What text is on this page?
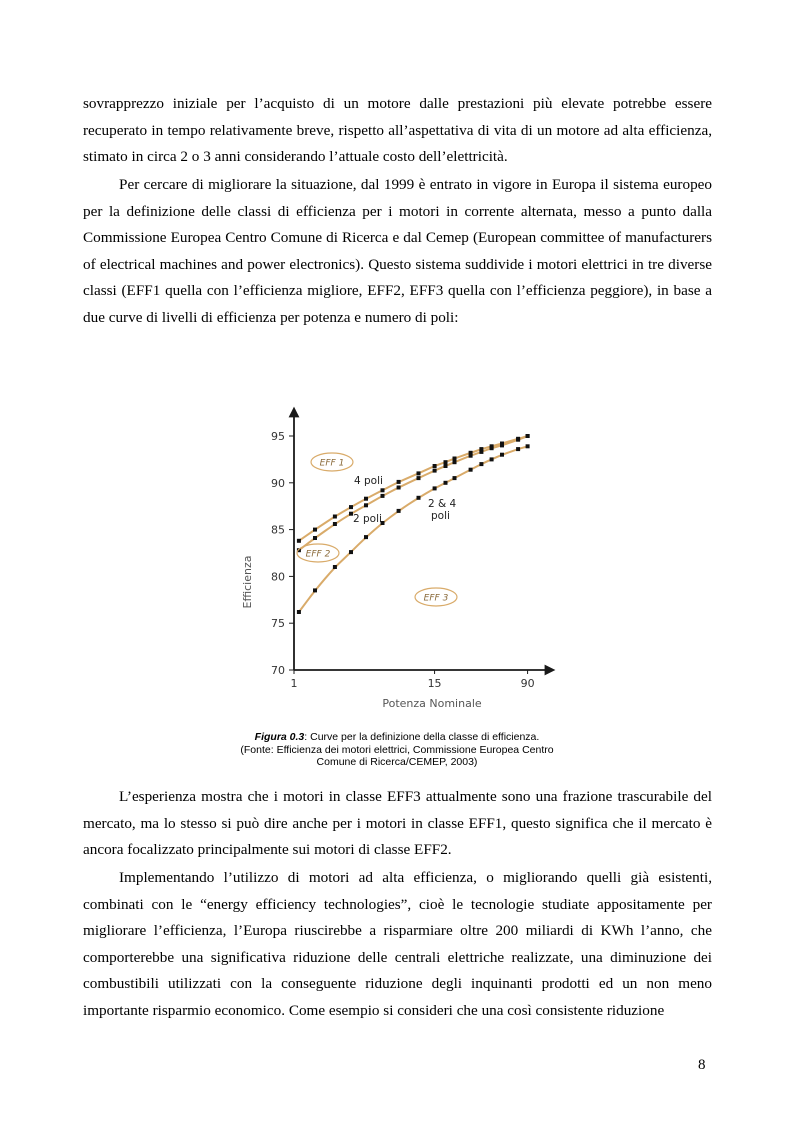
sovrapprezzo iniziale per l’acquisto di un motore dalle prestazioni più elevate potrebbe essere recuperato in tempo relativamente breve, rispetto all’aspettativa di vita di un motore ad alta efficienza, stimato in circa 2 o 3 anni considerando l’attuale costo dell’elettricità.

Per cercare di migliorare la situazione, dal 1999 è entrato in vigore in Europa il sistema europeo per la definizione delle classi di efficienza per i motori in corrente alternata, messo a punto dalla Commissione Europea Centro Comune di Ricerca e dal Cemep (European committee of manufacturers of electrical machines and power electronics). Questo sistema suddivide i motori elettrici in tre diverse classi (EFF1 quella con l’efficienza migliore, EFF2, EFF3 quella con l’efficienza peggiore), in base a due curve di livelli di efficienza per potenza e numero di poli:

70
75
80
85
90
95
1	15	90
Potenza Nominale
Efficienza
EFF 1
EFF 2
EFF 3
4 poli
2 poli
2 & 4
poli
Figura 0.3: Curve per la definizione della classe di efficienza.
(Fonte: Efficienza dei motori elettrici, Commissione Europea Centro
Comune di Ricerca/CEMEP, 2003)

L’esperienza mostra che i motori in classe EFF3 attualmente sono una frazione trascurabile del mercato, ma lo stesso si può dire anche per i motori in classe EFF1, questo significa che il mercato è ancora focalizzato principalmente sui motori di classe EFF2.

Implementando l’utilizzo di motori ad alta efficienza, o migliorando quelli già esistenti, combinati con le “energy efficiency technologies”, cioè le tecnologie studiate appositamente per migliorare l’efficienza, l’Europa riuscirebbe a risparmiare oltre 200 miliardi di KWh l’anno, che comporterebbe una significativa riduzione delle centrali elettriche realizzate, una diminuzione dei combustibili utilizzati con la conseguente riduzione degli inquinanti prodotti ed un non meno importante risparmio economico. Come esempio si consideri che una così consistente riduzione

8
